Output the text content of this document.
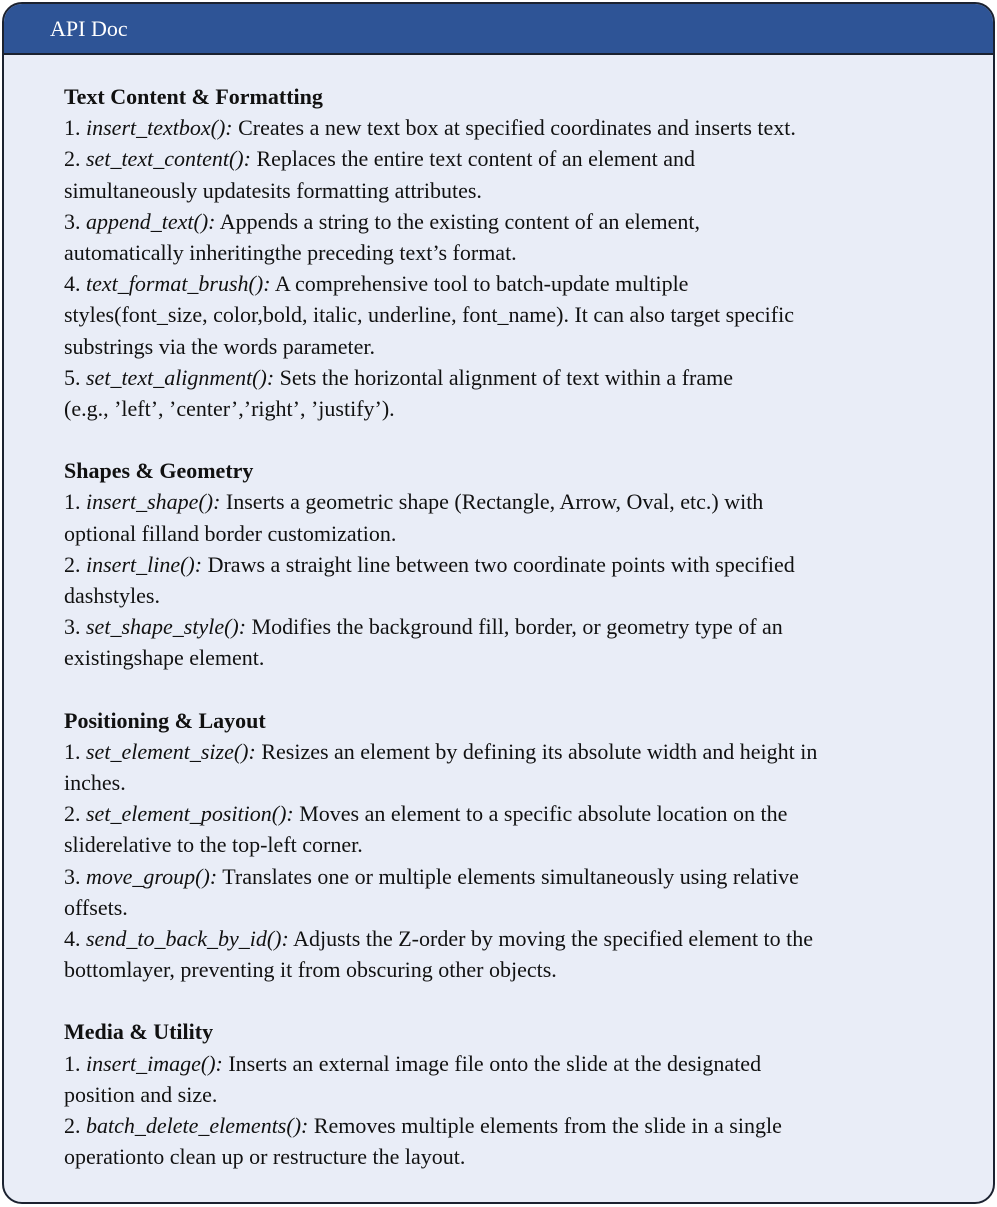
API Doc
Text Content & Formatting
1. insert_textbox(): Creates a new text box at specified coordinates and inserts text.
2. set_text_content(): Replaces the entire text content of an element and
simultaneously updatesits formatting attributes.
3. append_text(): Appends a string to the existing content of an element,
automatically inheritingthe preceding text’s format.
4. text_format_brush(): A comprehensive tool to batch-update multiple
styles(font_size, color,bold, italic, underline, font_name). It can also target specific
substrings via the words parameter.
5. set_text_alignment(): Sets the horizontal alignment of text within a frame
(e.g., ’left’, ’center’,’right’, ’justify’).
Shapes & Geometry
1. insert_shape(): Inserts a geometric shape (Rectangle, Arrow, Oval, etc.) with
optional filland border customization.
2. insert_line(): Draws a straight line between two coordinate points with specified
dashstyles.
3. set_shape_style(): Modifies the background fill, border, or geometry type of an
existingshape element.
Positioning & Layout
1. set_element_size(): Resizes an element by defining its absolute width and height in
inches.
2. set_element_position(): Moves an element to a specific absolute location on the
sliderelative to the top-left corner.
3. move_group(): Translates one or multiple elements simultaneously using relative
offsets.
4. send_to_back_by_id(): Adjusts the Z-order by moving the specified element to the
bottomlayer, preventing it from obscuring other objects.
Media & Utility
1. insert_image(): Inserts an external image file onto the slide at the designated
position and size.
2. batch_delete_elements(): Removes multiple elements from the slide in a single
operationto clean up or restructure the layout.
